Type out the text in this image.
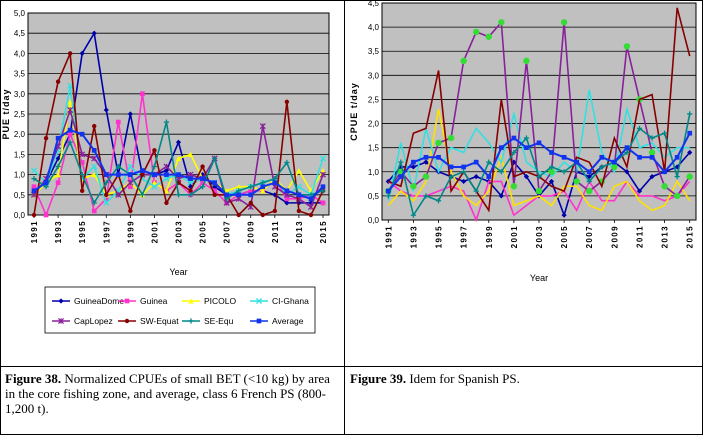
0,0
0,5
1,0
1,5
2,0
2,5
3,0
3,5
4,0
4,5
5,0
1991 1993 1995 1997 1999 2001 2003 2005 2007 2009 2011 2013 2015
PUE t/day
Year
GuineaDome Guinea	PICOLO	CI-Ghana
CapLopez	SW-Equat	SE-Equ	Average
0,0
0,5
1,0
1,5
2,0
2,5
3,0
3,5
4,0
4,5
1991 1993 1995 1997 1999 2001 2003 2005 2007 2009 2011 2013 2015
CPUE t/day
Year
Figure 38. Normalized CPUEs of small BET (<10 kg) by area in the core fishing zone, and average, class 6 French PS (800-1,200 t).
Figure 39. Idem for Spanish PS.
